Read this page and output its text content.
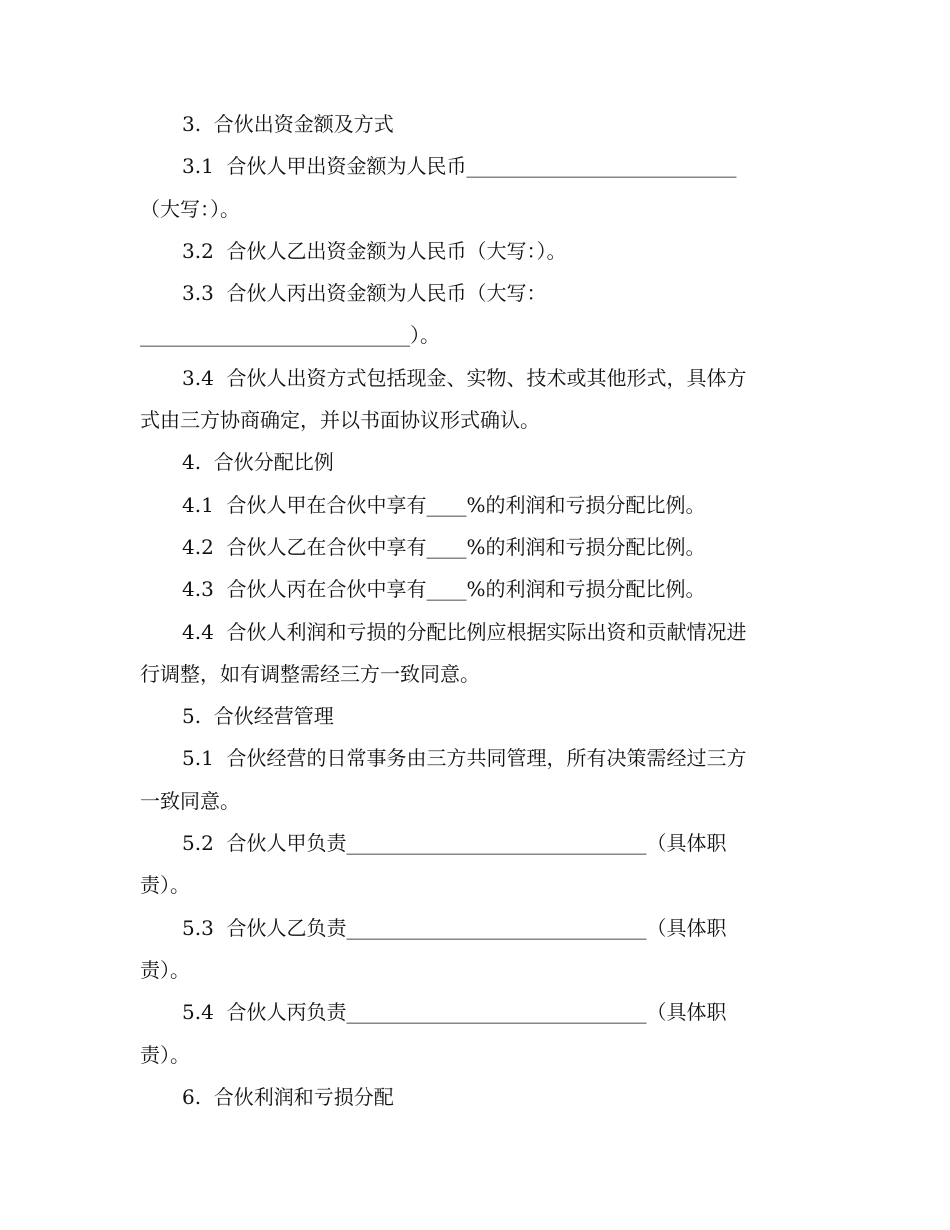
3.  合伙出资金额及方式
3.1  合伙人甲出资金额为人民币___________________________
（大写：）。
3.2  合伙人乙出资金额为人民币（大写：）。
3.3  合伙人丙出资金额为人民币（大写：
___________________________）。
3.4  合伙人出资方式包括现金、实物、技术或其他形式，具体方
式由三方协商确定，并以书面协议形式确认。
4.  合伙分配比例
4.1  合伙人甲在合伙中享有____%的利润和亏损分配比例。
4.2  合伙人乙在合伙中享有____%的利润和亏损分配比例。
4.3  合伙人丙在合伙中享有____%的利润和亏损分配比例。
4.4  合伙人利润和亏损的分配比例应根据实际出资和贡献情况进
行调整，如有调整需经三方一致同意。
5.  合伙经营管理
5.1  合伙经营的日常事务由三方共同管理，所有决策需经过三方
一致同意。
5.2  合伙人甲负责______________________________（具体职
责）。
5.3  合伙人乙负责______________________________（具体职
责）。
5.4  合伙人丙负责______________________________（具体职
责）。
6.  合伙利润和亏损分配
